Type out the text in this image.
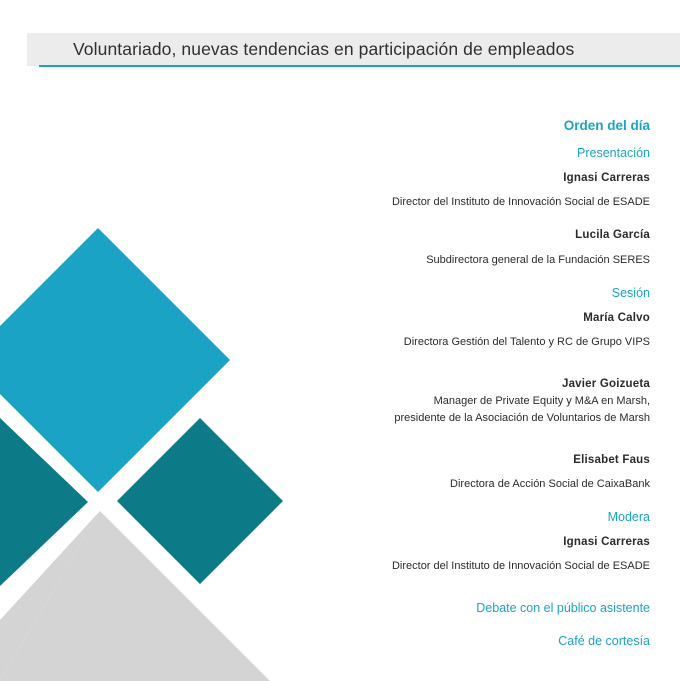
Voluntariado, nuevas tendencias en participación de empleados
Orden del día
Presentación
Ignasi Carreras
Director del Instituto de Innovación Social de ESADE
Lucila García
Subdirectora general de la Fundación SERES
Sesión
María Calvo
Directora Gestión del Talento y RC de Grupo VIPS
Javier Goizueta
Manager de Private Equity y M&A en Marsh,
presidente de la Asociación de Voluntarios de Marsh
Elisabet Faus
Directora de Acción Social de CaixaBank
Modera
Ignasi Carreras
Director del Instituto de Innovación Social de ESADE
Debate con el público asistente
Café de cortesía
